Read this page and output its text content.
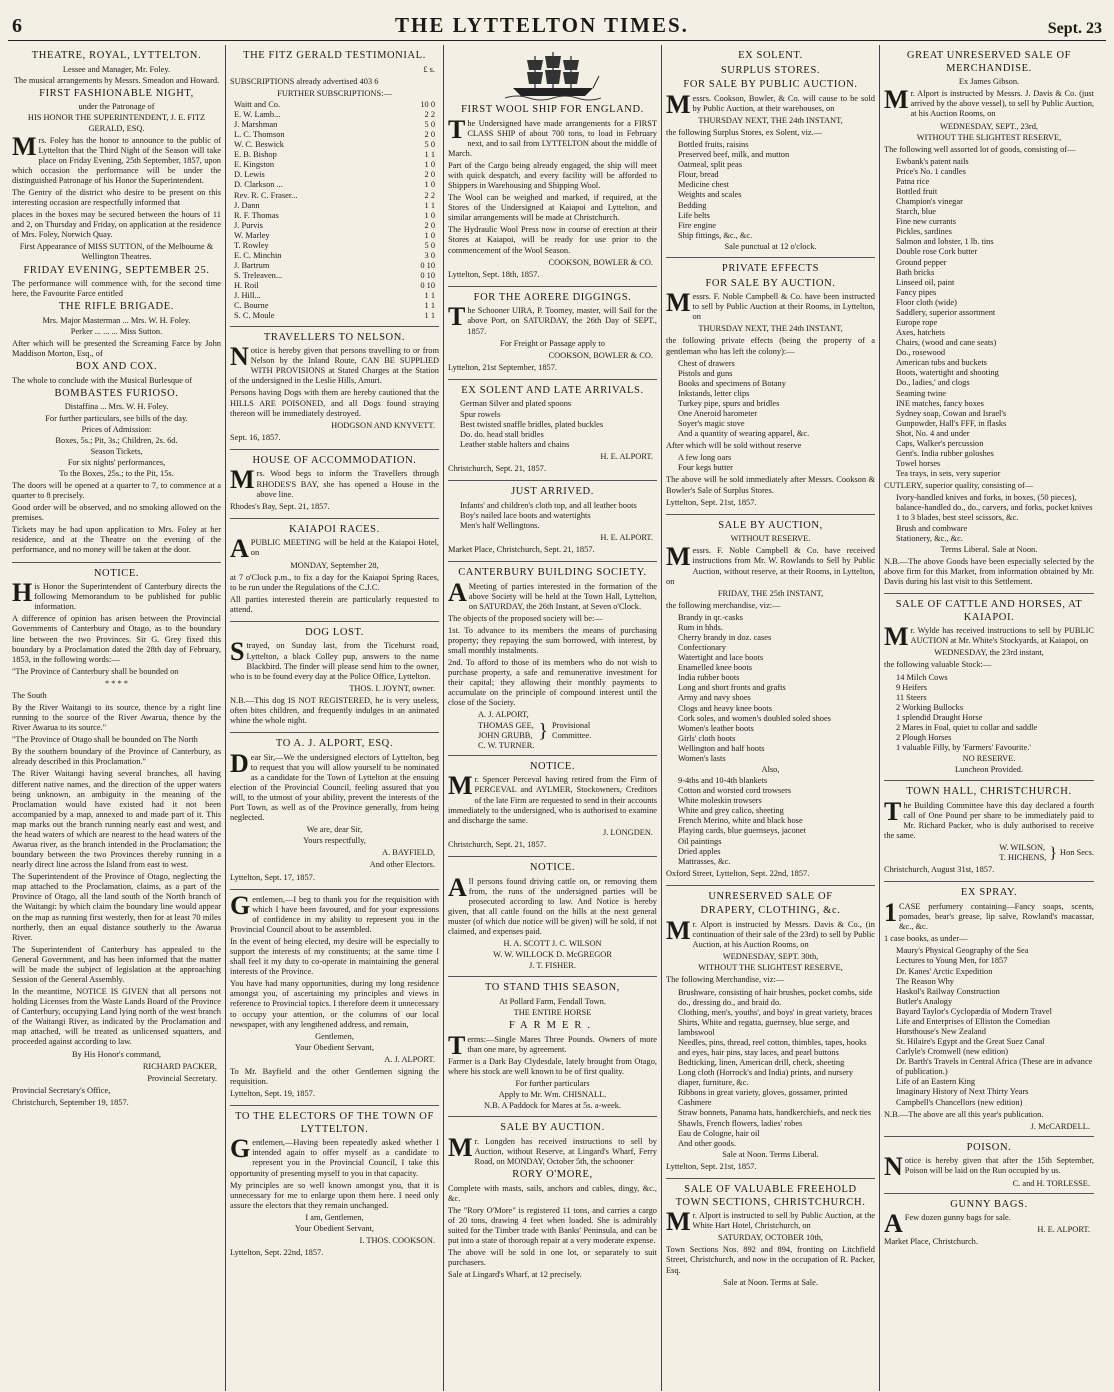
6	THE LYTTELTON TIMES.	Sept. 23
THEATRE, ROYAL, LYTTELTON.
Lessee and Manager, Mr. Foley.
The musical arrangements by Messrs. Smeadon and Howard.
FIRST FASHIONABLE NIGHT,
under the Patronage of
HIS HONOR THE SUPERINTENDENT, J. E. FITZ GERALD, ESQ.
Mrs. Foley has the honor to announce to the public of Lyttelton that the Third Night of the Season will take place on Friday Evening, 25th September, 1857, upon which occasion the performance will be under the distinguished Patronage of his Honor the Superintendent.
The Gentry of the district who desire to be present on this interesting occasion are respectfully informed that
places in the boxes may be secured between the hours of 11 and 2, on Thursday and Friday, on application at the residence of Mrs. Foley, Norwich Quay.
First Appearance of MISS SUTTON, of the Melbourne & Wellington Theatres.
FRIDAY EVENING, SEPTEMBER 25.
The performance will commence with, for the second time here, the Favourite Farce entitled
THE RIFLE BRIGADE.
Mrs. Major Masterman ... Mrs. W. H. Foley.
Perker ... ... ... Miss Sutton.
After which will be presented the Screaming Farce by John Maddison Morton, Esq., of
BOX AND COX.
The whole to conclude with the Musical Burlesque of
BOMBASTES FURIOSO.
Distaffina ... Mrs. W. H. Foley.
For further particulars, see bills of the day.
Prices of Admission:
Boxes, 5s.; Pit, 3s.; Children, 2s. 6d.
Season Tickets,
For six nights' performances,
To the Boxes, 25s.; to the Pit, 15s.
The doors will be opened at a quarter to 7, to commence at a quarter to 8 precisely.
Good order will be observed, and no smoking allowed on the premises.
Tickets may be had upon application to Mrs. Foley at her residence, and at the Theatre on the evening of the performance, and no money will be taken at the door.
NOTICE.
His Honor the Superintendent of Canterbury directs the following Memorandum to be published for public information.
A difference of opinion has arisen between the Provincial Governments of Canterbury and Otago, as to the boundary line between the two Provinces. Sir G. Grey fixed this boundary by a Proclamation dated the 28th day of February, 1853, in the following words:—
"The Province of Canterbury shall be bounded on
* * * *
The South
By the River Waitangi to its source, thence by a right line running to the source of the River Awarua, thence by the River Awarua to its source."
"The Province of Otago shall be bounded on The North
By the southern boundary of the Province of Canterbury, as already described in this Proclamation."
The River Waitangi having several branches, all having different native names, and the direction of the upper waters being unknown, an ambiguity in the meaning of the Proclamation would have existed had it not been accompanied by a map, annexed to and made part of it. This map marks out the branch running nearly east and west, and the head waters of which are nearest to the head waters of the Awarua river, as the branch intended in the Proclamation; the boundary between the two Provinces thereby running in a nearly direct line across the Island from east to west.
The Superintendent of the Province of Otago, neglecting the map attached to the Proclamation, claims, as a part of the Province of Otago, all the land south of the North branch of the Waitangi: by which claim the boundary line would appear on the map as running first westerly, then for at least 70 miles northerly, then an equal distance southerly to the Awarua River.
The Superintendent of Canterbury has appealed to the General Government, and has been informed that the matter will be made the subject of legislation at the approaching Session of the General Assembly.
In the meantime, NOTICE IS GIVEN that all persons not holding Licenses from the Waste Lands Board of the Province of Canterbury, occupying Land lying north of the west branch of the Waitangi River, as indicated by the Proclamation and map attached, will be treated as unlicensed squatters, and proceeded against according to law.
By His Honor's command,
RICHARD PACKER,
Provincial Secretary.
Provincial Secretary's Office,
Christchurch, September 19, 1857.
THE FITZ GERALD TESTIMONIAL.
£ s.
SUBSCRIPTIONS already advertised 403 6
FURTHER SUBSCRIPTIONS:—
Waitt and Co.	10 0
E. W. Lamb...	2 2
J. Marshman	5 0
L. C. Thomson	2 0
W. C. Beswick	5 0
E. B. Bishop	1 1
E. Kingston	1 0
D. Lewis	2 0
D. Clarkson ...	1 0
Rev. R. C. Fraser...	2 2
J. Dann	1 1
R. F. Thomas	1 0
J. Purvis	2 0
W. Marley	1 0
T. Rowley	5 0
E. C. Minchin	3 0
J. Bartrum	0 10
S. Treleaven...	0 10
H. Roil	0 10
J. Hill...	1 1
C. Bourne	1 1
S. C. Moule	1 1
TRAVELLERS TO NELSON.
Notice is hereby given that persons travelling to or from Nelson by the Inland Route, CAN BE SUPPLIED WITH PROVISIONS at Stated Charges at the Station of the undersigned in the Leslie Hills, Amuri.
Persons having Dogs with them are hereby cautioned that the HILLS ARE POISONED, and all Dogs found straying thereon will be immediately destroyed.
HODGSON AND KNYVETT.
Sept. 16, 1857.
HOUSE OF ACCOMMODATION.
Mrs. Wood begs to inform the Travellers through RHODES'S BAY, she has opened a House in the above line.
Rhodes's Bay, Sept. 21, 1857.
KAIAPOI RACES.
APUBLIC MEETING will be held at the Kaiapoi Hotel, on
MONDAY, September 28,
at 7 o'Clock p.m., to fix a day for the Kaiapoi Spring Races, to be run under the Regulations of the C.J.C.
All parties interested therein are particularly requested to attend.
DOG LOST.
Strayed, on Sunday last, from the Ticehurst road, Lyttelton, a black Colley pup, answers to the name Blackbird. The finder will please send him to the owner, who is to be found every day at the Police Office, Lyttelton.
THOS. I. JOYNT, owner.
N.B.—This dog IS NOT REGISTERED, he is very useless, often bites children, and frequently indulges in an animated whine the whole night.
TO A. J. ALPORT, ESQ.
Dear Sir,—We the undersigned electors of Lyttelton, beg to request that you will allow yourself to be nominated as a candidate for the Town of Lyttelton at the ensuing election of the Provincial Council, feeling assured that you will, to the utmost of your ability, prevent the interests of the Port Town, as well as of the Province generally, from being neglected.
We are, dear Sir,
Yours respectfully,
A. BAYFIELD,
And other Electors.
Lyttelton, Sept. 17, 1857.
Gentlemen,—I beg to thank you for the requisition with which I have been favoured, and for your expressions of confidence in my ability to represent you in the Provincial Council about to be assembled.
In the event of being elected, my desire will be especially to support the interests of my constituents; at the same time I shall feel it my duty to co-operate in maintaining the general interests of the Province.
You have had many opportunities, during my long residence amongst you, of ascertaining my principles and views in reference to Provincial topics. I therefore deem it unnecessary to occupy your attention, or the columns of our local newspaper, with any lengthened address, and remain,
Gentlemen,
Your Obedient Servant,
A. J. ALPORT.
To Mr. Bayfield and the other Gentlemen signing the requisition.
Lyttelton, Sept. 19, 1857.
TO THE ELECTORS OF THE TOWN OF LYTTELTON.
Gentlemen,—Having been repeatedly asked whether I intended again to offer myself as a candidate to represent you in the Provincial Council, I take this opportunity of presenting myself to you in that capacity.
My principles are so well known amongst you, that it is unnecessary for me to enlarge upon them here. I need only assure the electors that they remain unchanged.
I am, Gentlemen,
Your Obedient Servant,
I. THOS. COOKSON.
Lyttelton, Sept. 22nd, 1857.
FIRST WOOL SHIP FOR ENGLAND.
The Undersigned have made arrangements for a FIRST CLASS SHIP of about 700 tons, to load in February next, and to sail from LYTTELTON about the middle of March.
Part of the Cargo being already engaged, the ship will meet with quick despatch, and every facility will be afforded to Shippers in Warehousing and Shipping Wool.
The Wool can be weighed and marked, if required, at the Stores of the Undersigned at Kaiapoi and Lyttelton, and similar arrangements will be made at Christchurch.
The Hydraulic Wool Press now in course of erection at their Stores at Kaiapoi, will be ready for use prior to the commencement of the Wool Season.
COOKSON, BOWLER & CO.
Lyttelton, Sept. 18th, 1857.
FOR THE AORERE DIGGINGS.
The Schooner UIRA, P. Toomey, master, will Sail for the above Port, on SATURDAY, the 26th Day of SEPT., 1857.
For Freight or Passage apply to
COOKSON, BOWLER & CO.
Lyttelton, 21st September, 1857.
EX SOLENT AND LATE ARRIVALS.
German Silver and plated spoons
Spur rowels
Best twisted snaffle bridles, plated buckles
Do. do. head stall bridles
Leather stable halters and chains
H. E. ALPORT.
Christchurch, Sept. 21, 1857.
JUST ARRIVED.
Infants' and children's cloth top, and all leather boots
Boy's nailed lace boots and watertights
Men's half Wellingtons.
H. E. ALPORT.
Market Place, Christchurch, Sept. 21, 1857.
CANTERBURY BUILDING SOCIETY.
AMeeting of parties interested in the formation of the above Society will be held at the Town Hall, Lyttelton, on SATURDAY, the 26th Instant, at Seven o'Clock.
The objects of the proposed society will be:—
1st. To advance to its members the means of purchasing property; they repaying the sum borrowed, with interest, by small monthly instalments.
2nd. To afford to those of its members who do not wish to purchase property, a safe and remunerative investment for their capital; they allowing their monthly payments to accumulate on the principle of compound interest until the close of the Society.
A. J. ALPORT,
THOMAS GEE,
JOHN GRUBB,
C. W. TURNER.
} Provisional Committee.
NOTICE.
Mr. Spencer Perceval having retired from the Firm of PERCEVAL and AYLMER, Stockowners, Creditors of the late Firm are requested to send in their accounts immediately to the undersigned, who is authorised to examine and discharge the same.
J. LONGDEN.
Christchurch, Sept. 21, 1857.
NOTICE.
All persons found driving cattle on, or removing them from, the runs of the undersigned parties will be prosecuted according to law. And Notice is hereby given, that all cattle found on the hills at the next general muster (of which due notice will be given) will be sold, if not claimed, and expenses paid.
H. A. SCOTT J. C. WILSON
W. W. WILLOCK D. McGREGOR
J. T. FISHER.
TO STAND THIS SEASON,
At Pollard Farm, Fendall Town.
THE ENTIRE HORSE
FARMER.
Terms:—Single Mares Three Pounds. Owners of more than one mare, by agreement.
Farmer is a Dark Bay Clydesdale, lately brought from Otago, where his stock are well known to be of first quality.
For further particulars
Apply to Mr. Wm. CHISNALL.
N.B. A Paddock for Mares at 5s. a-week.
SALE BY AUCTION.
Mr. Longden has received instructions to sell by Auction, without Reserve, at Lingard's Wharf, Ferry Road, on MONDAY, October 5th, the schooner
RORY O'MORE,
Complete with masts, sails, anchors and cables, dingy, &c., &c.
The "Rory O'More" is registered 11 tons, and carries a cargo of 20 tons, drawing 4 feet when loaded. She is admirably suited for the Timber trade with Banks' Peninsula, and can be put into a state of thorough repair at a very moderate expense.
The above will be sold in one lot, or separately to suit purchasers.
Sale at Lingard's Wharf, at 12 precisely.
EX SOLENT.
SURPLUS STORES.
FOR SALE BY PUBLIC AUCTION.
Messrs. Cookson, Bowler, & Co. will cause to be sold by Public Auction, at their warehouses, on
THURSDAY NEXT, THE 24th INSTANT,
the following Surplus Stores, ex Solent, viz.—
Bottled fruits, raisins
Preserved beef, milk, and mutton
Oatmeal, split peas
Flour, bread
Medicine chest
Weights and scales
Bedding
Life belts
Fire engine
Ship fittings, &c., &c.
Sale punctual at 12 o'clock.
PRIVATE EFFECTS
FOR SALE BY AUCTION.
Messrs. F. Noble Campbell & Co. have been instructed to sell by Public Auction at their Rooms, in Lyttelton, on
THURSDAY NEXT, THE 24th INSTANT,
the following private effects (being the property of a gentleman who has left the colony):—
Chest of drawers
Pistols and guns
Books and specimens of Botany
Inkstands, letter clips
Turkey pipe, spurs and bridles
One Aneroid barometer
Soyer's magic stove
And a quantity of wearing apparel, &c.
After which will be sold without reserve
A few long oars
Four kegs butter
The above will be sold immediately after Messrs. Cookson & Bowler's Sale of Surplus Stores.
Lyttelton, Sept. 21st, 1857.
SALE BY AUCTION,
WITHOUT RESERVE.
Messrs. F. Noble Campbell & Co. have received instructions from Mr. W. Rowlands to Sell by Public Auction, without reserve, at their Rooms, in Lyttelton, on
FRIDAY, THE 25th INSTANT,
the following merchandise, viz:—
Brandy in qr.-casks
Rum in hhds.
Cherry brandy in doz. cases
Confectionary
Watertight and lace boots
Enamelled knee boots
India rubber boots
Long and short fronts and grafts
Army and navy shoes
Clogs and heavy knee boots
Cork soles, and women's doubled soled shoes
Women's leather boots
Girls' cloth boots
Wellington and half boots
Women's lasts
Also,
9-4ths and 10-4th blankets
Cotton and worsted cord trowsers
White moleskin trowsers
White and grey calico, sheeting
French Merino, white and black hose
Playing cards, blue guernseys, jaconet
Oil paintings
Dried apples
Mattrasses, &c.
Oxford Street, Lyttelton, Sept. 22nd, 1857.
UNRESERVED SALE OF
DRAPERY, CLOTHING, &c.
Mr. Alport is instructed by Messrs. Davis & Co., (in continuation of their sale of the 23rd) to sell by Public Auction, at his Auction Rooms, on
WEDNESDAY, SEPT. 30th,
WITHOUT THE SLIGHTEST RESERVE,
The following Merchandise, viz:—
Brushware, consisting of hair brushes, pocket combs, side do., dressing do., and braid do.
Clothing, men's, youths', and boys' in great variety, braces
Shirts, White and regatta, guernsey, blue serge, and lambswool
Needles, pins, thread, reel cotton, thimbles, tapes, hooks and eyes, hair pins, stay laces, and pearl buttons
Bedticking, linen, American drill, check, sheeting
Long cloth (Horrock's and India) prints, and nursery diaper, furniture, &c.
Ribbons in great variety, gloves, gossamer, printed Cashmere
Straw bonnets, Panama hats, handkerchiefs, and neck ties
Shawls, French flowers, ladies' robes
Eau de Cologne, hair oil
And other goods.
Sale at Noon. Terms Liberal.
Lyttelton, Sept. 21st, 1857.
SALE OF VALUABLE FREEHOLD TOWN SECTIONS, CHRISTCHURCH.
Mr. Alport is instructed to sell by Public Auction, at the White Hart Hotel, Christchurch, on
SATURDAY, OCTOBER 10th,
Town Sections Nos. 892 and 894, fronting on Litchfield Street, Christchurch, and now in the occupation of R. Packer, Esq.
Sale at Noon. Terms at Sale.
GREAT UNRESERVED SALE OF MERCHANDISE.
Ex James Gibson.
Mr. Alport is instructed by Messrs. J. Davis & Co. (just arrived by the above vessel), to sell by Public Auction, at his Auction Rooms, on
WEDNESDAY, SEPT., 23rd,
WITHOUT THE SLIGHTEST RESERVE,
The following well assorted lot of goods, consisting of—
Ewbank's patent nails
Price's No. 1 candles
Patna rice
Bottled fruit
Champion's vinegar
Starch, blue
Fine new currants
Pickles, sardines
Salmon and lobster, 1 lb. tins
Double rose Cork butter
Ground pepper
Bath bricks
Linseed oil, paint
Fancy pipes
Floor cloth (wide)
Saddlery, superior assortment
Europe rope
Axes, hatchets
Chairs, (wood and cane seats)
Do., rosewood
American tubs and buckets
Boots, watertight and shooting
Do., ladies,' and clogs
Seaming twine
INE matches, fancy boxes
Sydney soap, Cowan and Israel's
Gunpowder, Hall's FFF, in flasks
Shot, No. 4 and under
Caps, Walker's percussion
Gent's. India rubber goloshes
Towel horses
Tea trays, in sets, very superior
CUTLERY, superior quality, consisting of—
Ivory-handled knives and forks, in boxes, (50 pieces), balance-handled do., do., carvers, and forks, pocket knives 1 to 3 blades, best steel scissors, &c.
Brush and combware
Stationery, &c., &c.
Terms Liberal. Sale at Noon.
N.B.—The above Goods have been especially selected by the above firm for this Market, from information obtained by Mr. Davis during his last visit to this Settlement.
SALE OF CATTLE AND HORSES, AT KAIAPOI.
Mr. Wylde has received instructions to sell by PUBLIC AUCTION at Mr. White's Stockyards, at Kaiapoi, on
WEDNESDAY, the 23rd instant,
the following valuable Stock:—
14 Milch Cows
9 Heifers
11 Steers
2 Working Bullocks
1 splendid Draught Horse
2 Mares in Foal, quiet to collar and saddle
2 Plough Horses
1 valuable Filly, by 'Farmers' Favourite.'
NO RESERVE.
Luncheon Provided.
TOWN HALL, CHRISTCHURCH.
The Building Committee have this day declared a fourth call of One Pound per share to be immediately paid to Mr. Richard Packer, who is duly authorised to receive the same.
W. WILSON,
T. HICHENS, } Hon Secs.
Christchurch, August 31st, 1857.
EX SPRAY.
1CASE perfumery containing—Fancy soaps, scents, pomades, bear's grease, lip salve, Rowland's macassar, &c., &c.
1 case books, as under—
Maury's Physical Geography of the Sea
Lectures to Young Men, for 1857
Dr. Kanes' Arctic Expedition
The Reason Why
Haskol's Railway Construction
Butler's Analogy
Bayard Taylor's Cyclopædia of Modern Travel
Life and Enterprises of Elliston the Comedian
Hursthouse's New Zealand
St. Hilaire's Egypt and the Great Suez Canal
Carlyle's Cromwell (new edition)
Dr. Barth's Travels in Central Africa (These are in advance of publication.)
Life of an Eastern King
Imaginary History of Next Thirty Years
Campbell's Chancellors (new edition)
N.B.—The above are all this year's publication.
J. McCARDELL.
POISON.
Notice is hereby given that after the 15th September, Poison will be laid on the Run occupied by us.
C. and H. TORLESSE.
GUNNY BAGS.
AFew dozen gunny bags for sale.
H. E. ALPORT.
Market Place, Christchurch.
